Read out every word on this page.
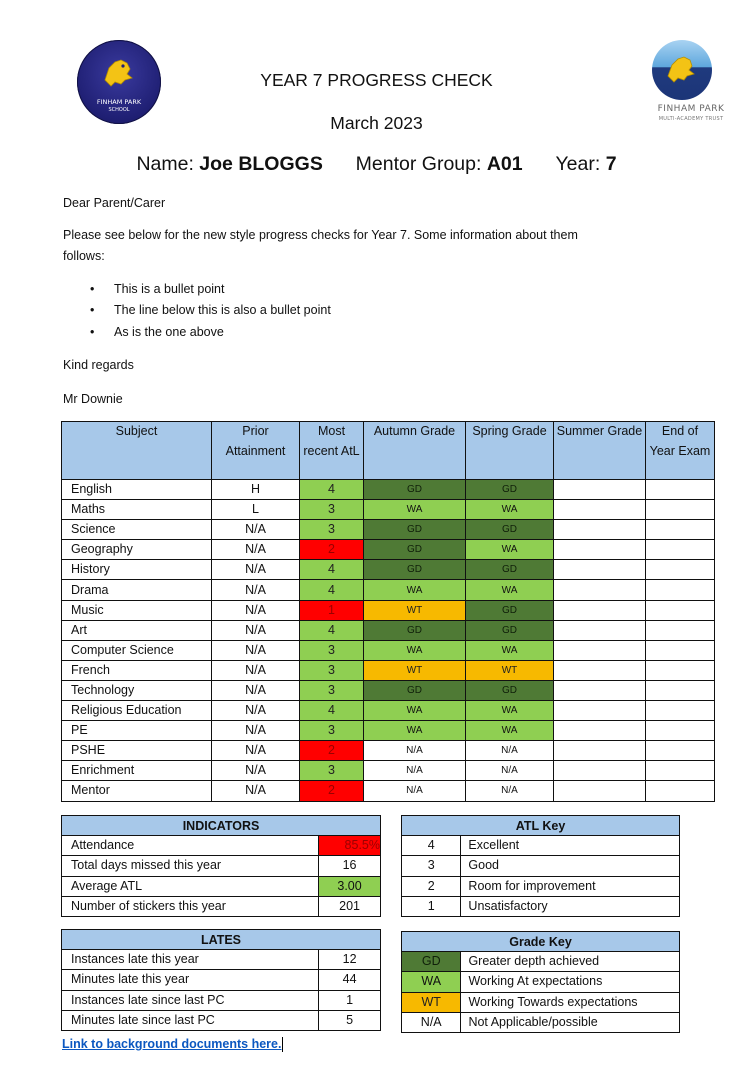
FINHAM PARK
SCHOOL	FINHAM PARK
MULTI-ACADEMY TRUST
YEAR 7 PROGRESS CHECK
March 2023
Name: Joe BLOGGS Mentor Group: A01 Year: 7
Dear Parent/Carer
Please see below for the new style progress checks for Year 7. Some information about them
follows:
• This is a bullet point
• The line below this is also a bullet point
• As is the one above
Kind regards
Mr Downie
Subject	Prior Attainment	Most recent AtL	Autumn Grade	Spring Grade	Summer Grade	End of Year Exam
English	H	4	GD	GD		
Maths	L	3	WA	WA		
Science	N/A	3	GD	GD		
Geography	N/A	2	GD	WA		
History	N/A	4	GD	GD		
Drama	N/A	4	WA	WA		
Music	N/A	1	WT	GD		
Art	N/A	4	GD	GD		
Computer Science	N/A	3	WA	WA		
French	N/A	3	WT	WT		
Technology	N/A	3	GD	GD		
Religious Education	N/A	4	WA	WA		
PE	N/A	3	WA	WA		
PSHE	N/A	2	N/A	N/A		
Enrichment	N/A	3	N/A	N/A		
Mentor	N/A	2	N/A	N/A		
INDICATORS	
Attendance	85.5%
Total days missed this year	16
Average ATL	3.00
Number of stickers this year	201
LATES	
Instances late this year	12
Minutes late this year	44
Instances late since last PC	1
Minutes late since last PC	5
ATL Key	
4	Excellent
3	Good
2	Room for improvement
1	Unsatisfactory
Grade Key	
GD	Greater depth achieved
WA	Working At expectations
WT	Working Towards expectations
N/A	Not Applicable/possible
Link to background documents here.
